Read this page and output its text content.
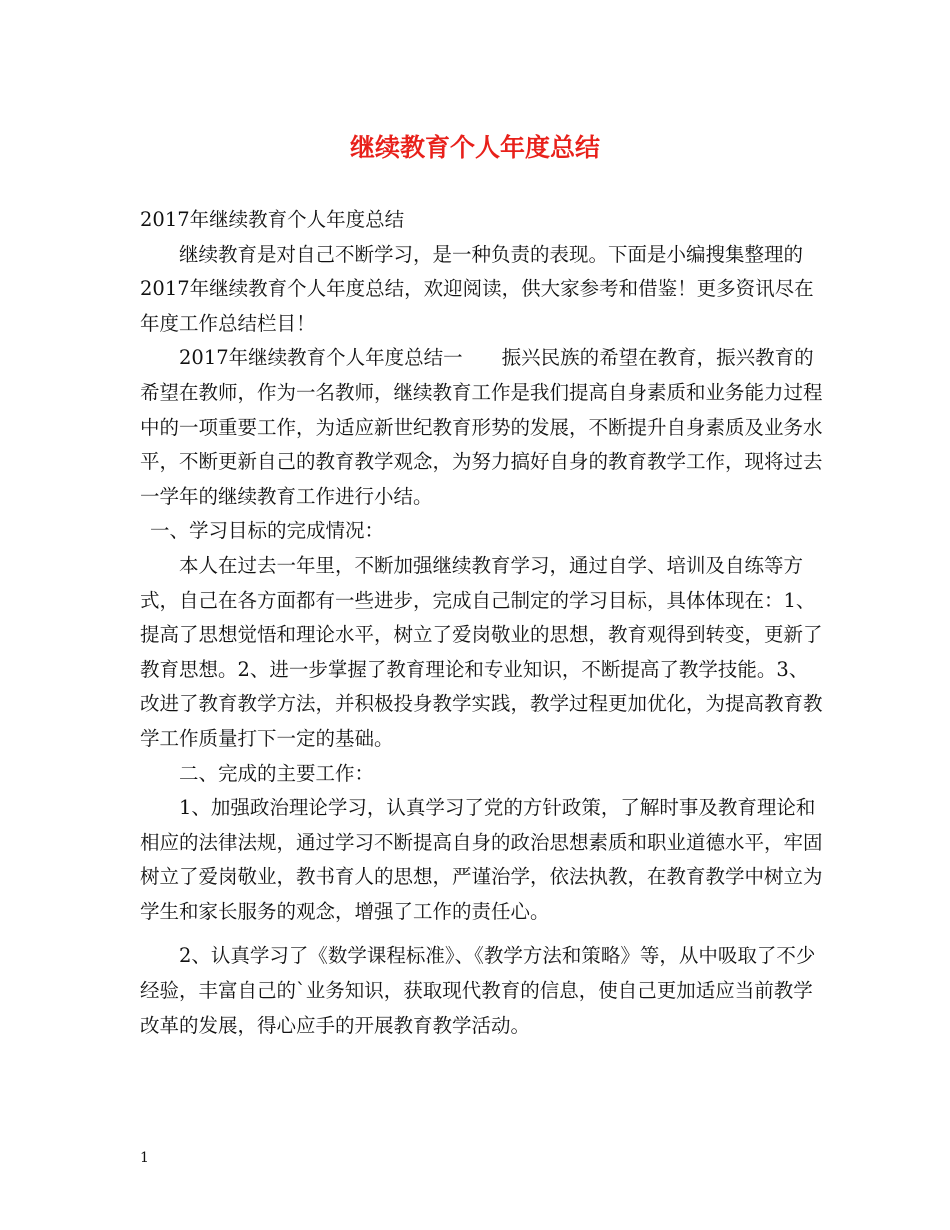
继续教育个人年度总结

2017年继续教育个人年度总结

继续教育是对自己不断学习，是一种负责的表现。下面是小编搜集整理的2017年继续教育个人年度总结，欢迎阅读，供大家参考和借鉴！更多资讯尽在年度工作总结栏目！

2017年继续教育个人年度总结一　　振兴民族的希望在教育，振兴教育的希望在教师，作为一名教师，继续教育工作是我们提高自身素质和业务能力过程中的一项重要工作，为适应新世纪教育形势的发展，不断提升自身素质及业务水平，不断更新自己的教育教学观念，为努力搞好自身的教育教学工作，现将过去一学年的继续教育工作进行小结。

一、学习目标的完成情况：

本人在过去一年里，不断加强继续教育学习，通过自学、培训及自练等方式，自己在各方面都有一些进步，完成自己制定的学习目标，具体体现在：1、提高了思想觉悟和理论水平，树立了爱岗敬业的思想，教育观得到转变，更新了教育思想。2、进一步掌握了教育理论和专业知识，不断提高了教学技能。3、改进了教育教学方法，并积极投身教学实践，教学过程更加优化，为提高教育教学工作质量打下一定的基础。

二、完成的主要工作：

1、加强政治理论学习，认真学习了党的方针政策，了解时事及教育理论和相应的法律法规，通过学习不断提高自身的政治思想素质和职业道德水平，牢固树立了爱岗敬业，教书育人的思想，严谨治学，依法执教，在教育教学中树立为学生和家长服务的观念，增强了工作的责任心。

2、认真学习了《数学课程标准》、《教学方法和策略》等，从中吸取了不少经验，丰富自己的`业务知识，获取现代教育的信息，使自己更加适应当前教学改革的发展，得心应手的开展教育教学活动。

1
